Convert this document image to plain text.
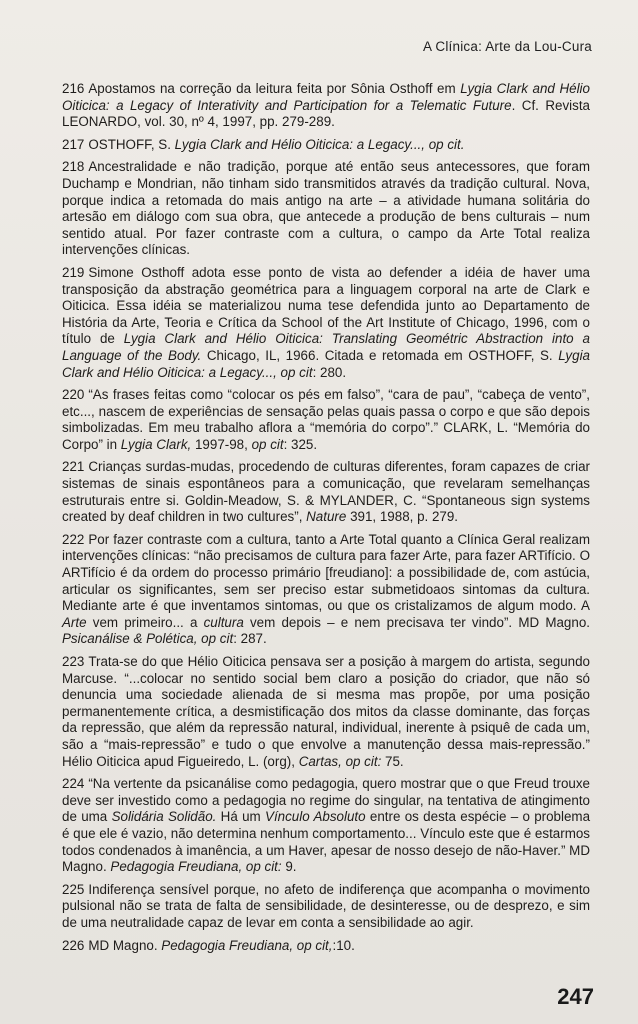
A Clínica: Arte da Lou-Cura

216 Apostamos na correção da leitura feita por Sônia Osthoff em Lygia Clark and Hélio Oiticica: a Legacy of Interativity and Participation for a Telematic Future. Cf. Revista LEONARDO, vol. 30, nº 4, 1997, pp. 279-289.

217 OSTHOFF, S. Lygia Clark and Hélio Oiticica: a Legacy..., op cit.

218 Ancestralidade e não tradição, porque até então seus antecessores, que foram Duchamp e Mondrian, não tinham sido transmitidos através da tradição cultural. Nova, porque indica a retomada do mais antigo na arte – a atividade humana solitária do artesão em diálogo com sua obra, que antecede a produção de bens culturais – num sentido atual. Por fazer contraste com a cultura, o campo da Arte Total realiza intervenções clínicas.

219 Simone Osthoff adota esse ponto de vista ao defender a idéia de haver uma transposição da abstração geométrica para a linguagem corporal na arte de Clark e Oiticica. Essa idéia se materializou numa tese defendida junto ao Departamento de História da Arte, Teoria e Crítica da School of the Art Institute of Chicago, 1996, com o título de Lygia Clark and Hélio Oiticica: Translating Geométric Abstraction into a Language of the Body. Chicago, IL, 1966. Citada e retomada em OSTHOFF, S. Lygia Clark and Hélio Oiticica: a Legacy..., op cit: 280.

220 “As frases feitas como “colocar os pés em falso”, “cara de pau”, “cabeça de vento”, etc..., nascem de experiências de sensação pelas quais passa o corpo e que são depois simbolizadas. Em meu trabalho aflora a “memória do corpo”.” CLARK, L. “Memória do Corpo” in Lygia Clark, 1997-98, op cit: 325.

221 Crianças surdas-mudas, procedendo de culturas diferentes, foram capazes de criar sistemas de sinais espontâneos para a comunicação, que revelaram semelhanças estruturais entre si. Goldin-Meadow, S. & MYLANDER, C. “Spontaneous sign systems created by deaf children in two cultures”, Nature 391, 1988, p. 279.

222 Por fazer contraste com a cultura, tanto a Arte Total quanto a Clínica Geral realizam intervenções clínicas: “não precisamos de cultura para fazer Arte, para fazer ARTifício. O ARTifício é da ordem do processo primário [freudiano]: a possibilidade de, com astúcia, articular os significantes, sem ser preciso estar submetidoaos sintomas da cultura. Mediante arte é que inventamos sintomas, ou que os cristalizamos de algum modo. A Arte vem primeiro... a cultura vem depois – e nem precisava ter vindo”. MD Magno. Psicanálise & Polética, op cit: 287.

223 Trata-se do que Hélio Oiticica pensava ser a posição à margem do artista, segundo Marcuse. “...colocar no sentido social bem claro a posição do criador, que não só denuncia uma sociedade alienada de si mesma mas propõe, por uma posição permanentemente crítica, a desmistificação dos mitos da classe dominante, das forças da repressão, que além da repressão natural, individual, inerente à psiquê de cada um, são a “mais-repressão” e tudo o que envolve a manutenção dessa mais-repressão.” Hélio Oiticica apud Figueiredo, L. (org), Cartas, op cit: 75.

224 “Na vertente da psicanálise como pedagogia, quero mostrar que o que Freud trouxe deve ser investido como a pedagogia no regime do singular, na tentativa de atingimento de uma Solidária Solidão. Há um Vínculo Absoluto entre os desta espécie – o problema é que ele é vazio, não determina nenhum comportamento... Vínculo este que é estarmos todos condenados à imanência, a um Haver, apesar de nosso desejo de não-Haver.” MD Magno. Pedagogia Freudiana, op cit: 9.

225 Indiferença sensível porque, no afeto de indiferença que acompanha o movimento pulsional não se trata de falta de sensibilidade, de desinteresse, ou de desprezo, e sim de uma neutralidade capaz de levar em conta a sensibilidade ao agir.

226 MD Magno. Pedagogia Freudiana, op cit,:10.

247
